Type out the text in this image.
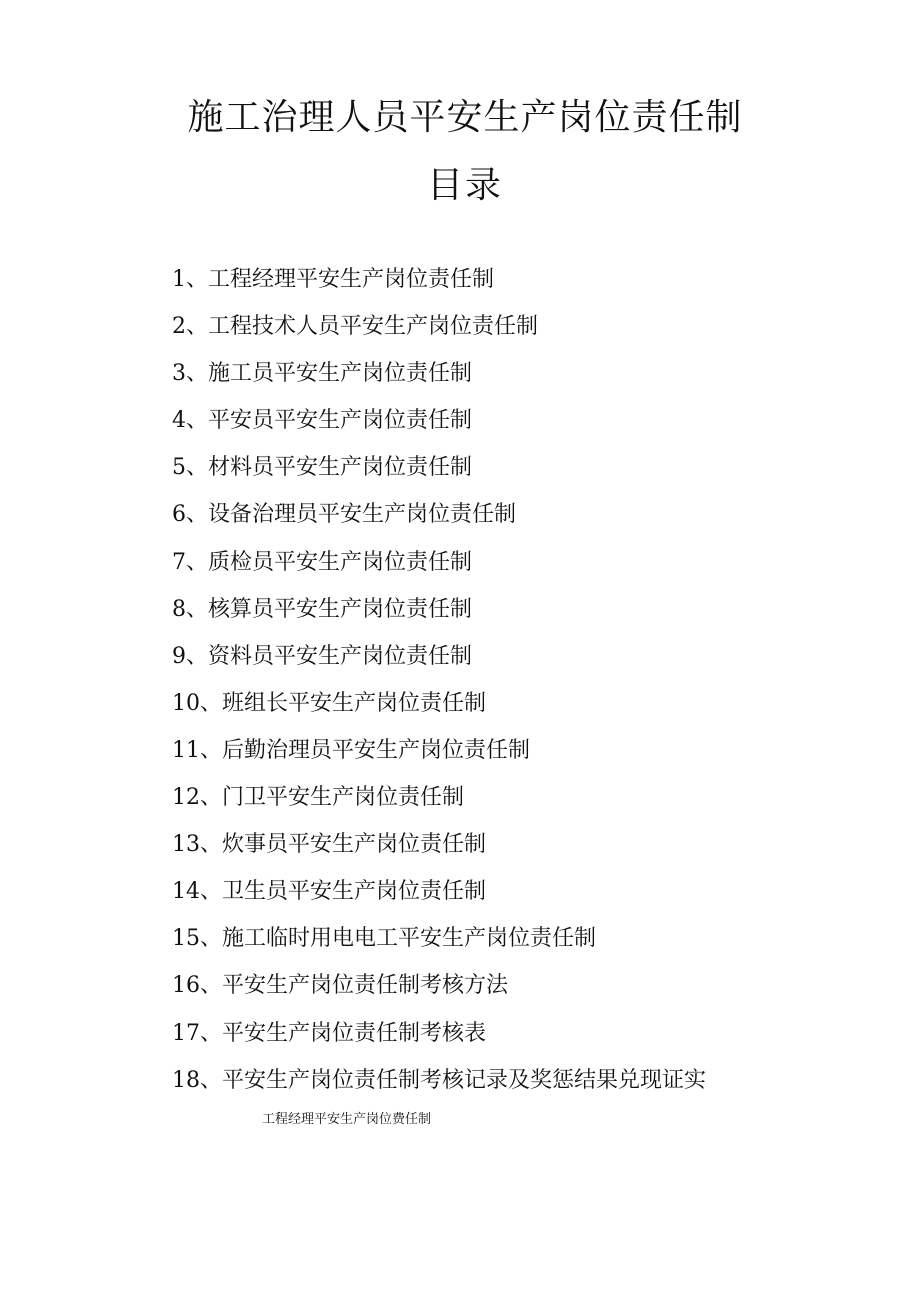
施工治理人员平安生产岗位责任制
目录
1、工程经理平安生产岗位责任制
2、工程技术人员平安生产岗位责任制
3、施工员平安生产岗位责任制
4、平安员平安生产岗位责任制
5、材料员平安生产岗位责任制
6、设备治理员平安生产岗位责任制
7、质检员平安生产岗位责任制
8、核算员平安生产岗位责任制
9、资料员平安生产岗位责任制
10、班组长平安生产岗位责任制
11、后勤治理员平安生产岗位责任制
12、门卫平安生产岗位责任制
13、炊事员平安生产岗位责任制
14、卫生员平安生产岗位责任制
15、施工临时用电电工平安生产岗位责任制
16、平安生产岗位责任制考核方法
17、平安生产岗位责任制考核表
18、平安生产岗位责任制考核记录及奖惩结果兑现证实
工程经理平安生产岗位费任制
